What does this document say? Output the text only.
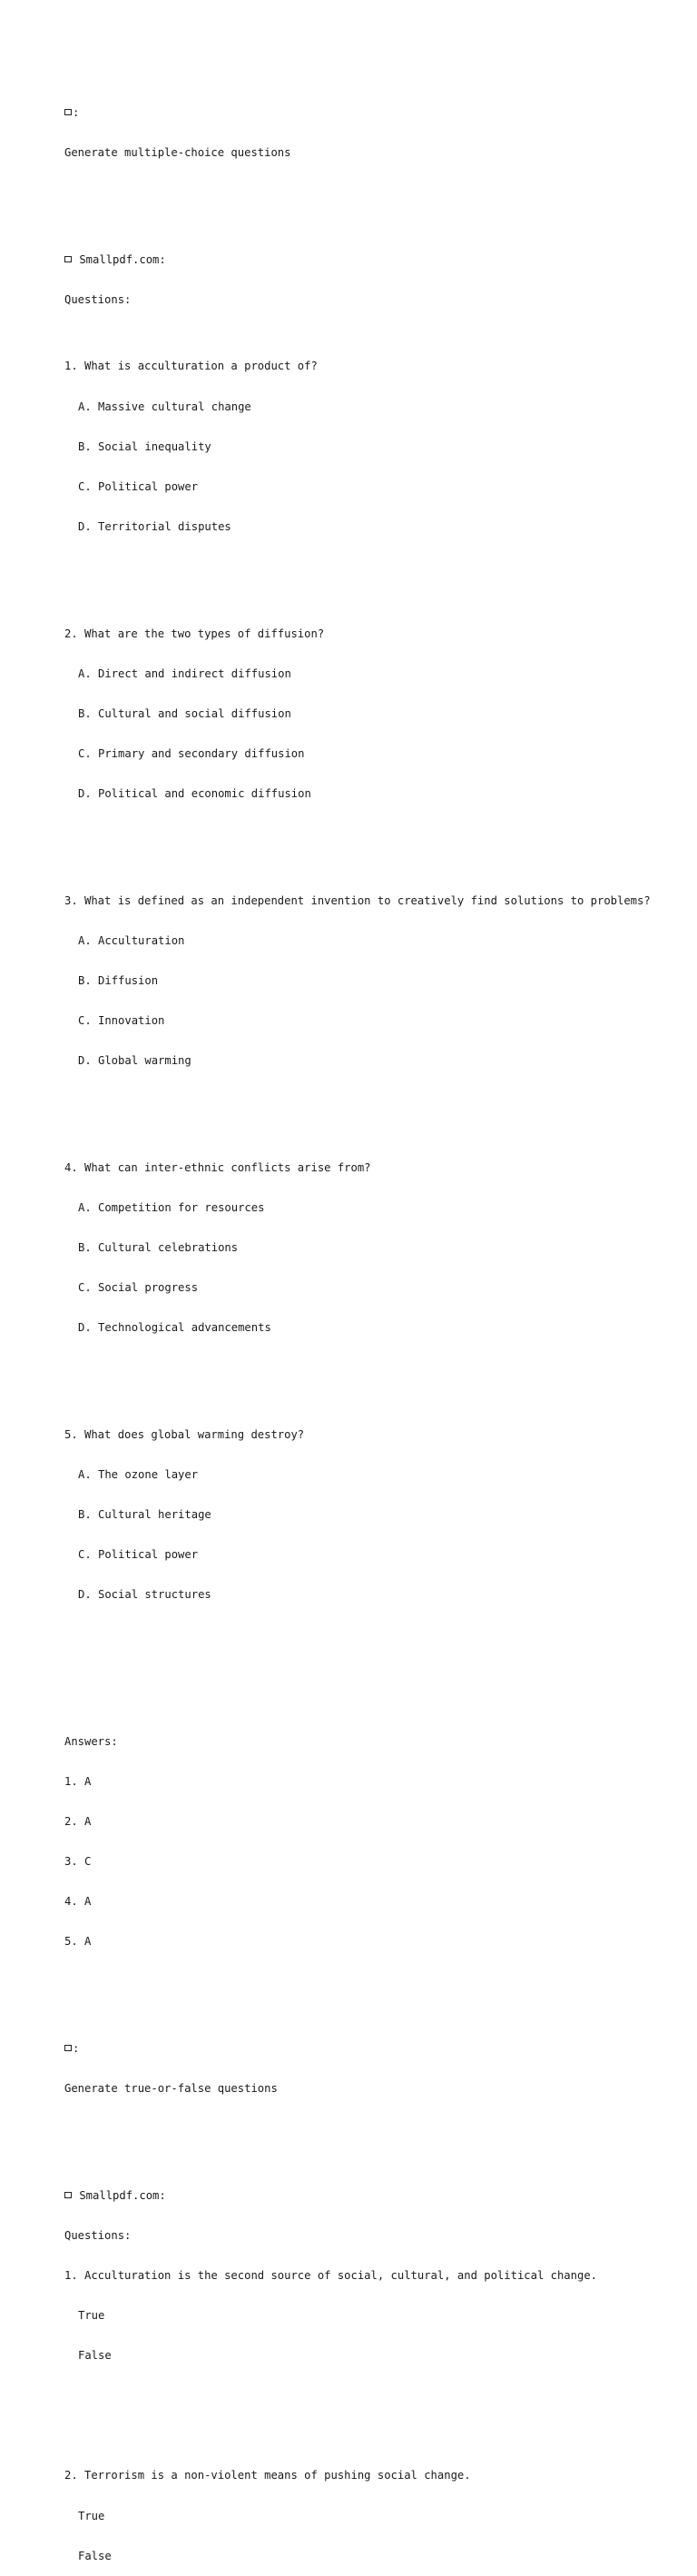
:

Generate multiple-choice questions

Smallpdf.com:

Questions:

1. What is acculturation a product of?

A. Massive cultural change

B. Social inequality

C. Political power

D. Territorial disputes

2. What are the two types of diffusion?

A. Direct and indirect diffusion

B. Cultural and social diffusion

C. Primary and secondary diffusion

D. Political and economic diffusion

3. What is defined as an independent invention to creatively find solutions to problems?

A. Acculturation

B. Diffusion

C. Innovation

D. Global warming

4. What can inter-ethnic conflicts arise from?

A. Competition for resources

B. Cultural celebrations

C. Social progress

D. Technological advancements

5. What does global warming destroy?

A. The ozone layer

B. Cultural heritage

C. Political power

D. Social structures

Answers:

1. A

2. A

3. C

4. A

5. A

:

Generate true-or-false questions

Smallpdf.com:

Questions:

1. Acculturation is the second source of social, cultural, and political change.

True

False

2. Terrorism is a non-violent means of pushing social change.

True

False
